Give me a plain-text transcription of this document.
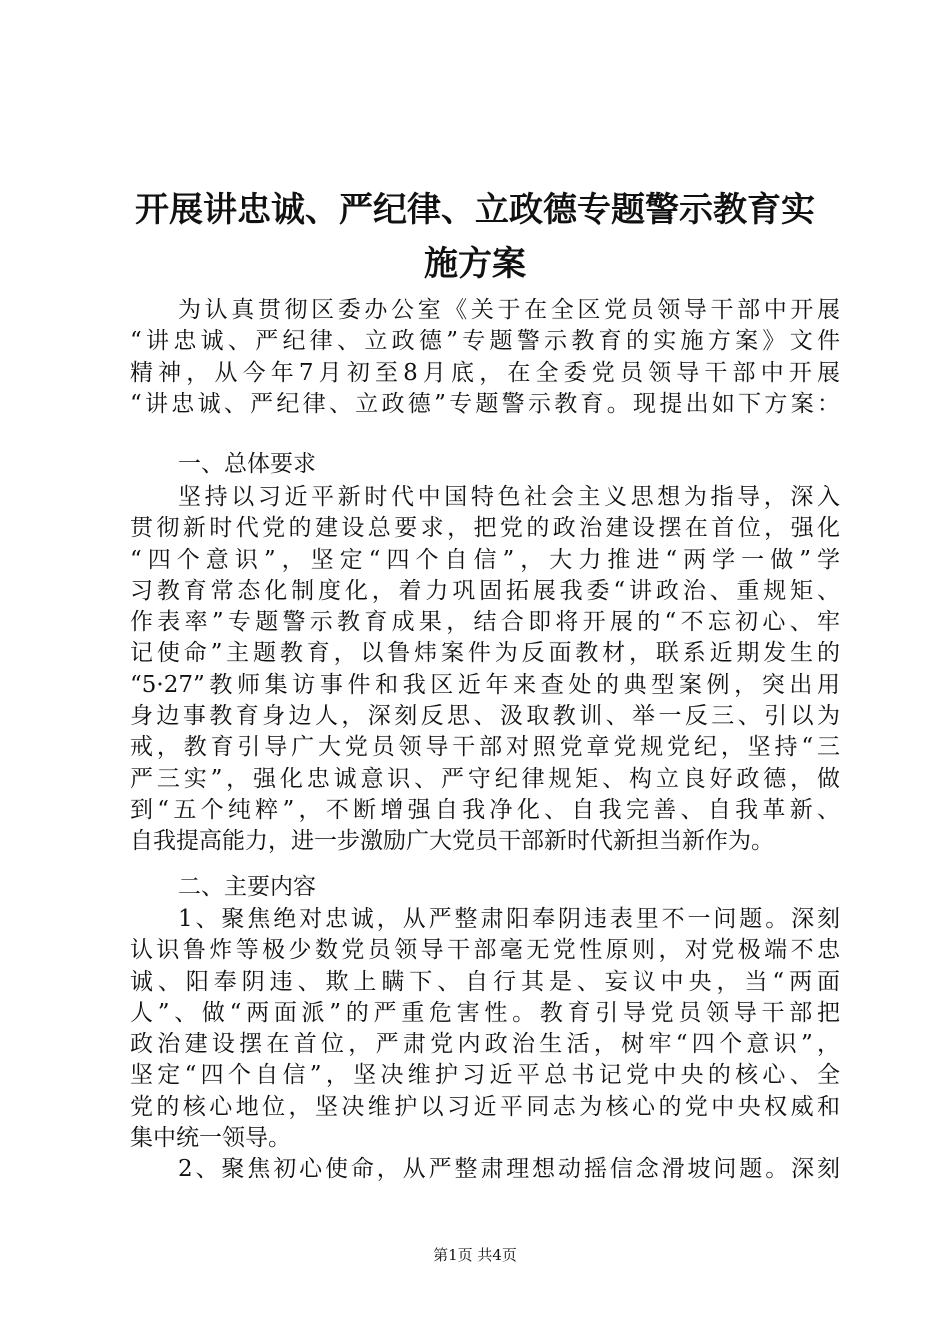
开展讲忠诚、严纪律、立政德专题警示教育实
施方案
为认真贯彻区委办公室《关于在全区党员领导干部中开展
“讲忠诚、严纪律、立政德”专题警示教育的实施方案》文件
精神，从今年7月初至8月底，在全委党员领导干部中开展
“讲忠诚、严纪律、立政德”专题警示教育。现提出如下方案：

一、总体要求

坚持以习近平新时代中国特色社会主义思想为指导，深入
贯彻新时代党的建设总要求，把党的政治建设摆在首位，强化
“四个意识”，坚定“四个自信”，大力推进“两学一做”学
习教育常态化制度化，着力巩固拓展我委“讲政治、重规矩、
作表率”专题警示教育成果，结合即将开展的“不忘初心、牢
记使命”主题教育，以鲁炜案件为反面教材，联系近期发生的
“5·27”教师集访事件和我区近年来查处的典型案例，突出用
身边事教育身边人，深刻反思、汲取教训、举一反三、引以为
戒，教育引导广大党员领导干部对照党章党规党纪，坚持“三
严三实”，强化忠诚意识、严守纪律规矩、构立良好政德，做
到“五个纯粹”，不断增强自我净化、自我完善、自我革新、
自我提高能力，进一步激励广大党员干部新时代新担当新作为。

二、主要内容

1、聚焦绝对忠诚，从严整肃阳奉阴违表里不一问题。深刻
认识鲁炸等极少数党员领导干部毫无党性原则，对党极端不忠
诚、阳奉阴违、欺上瞒下、自行其是、妄议中央，当“两面
人”、做“两面派”的严重危害性。教育引导党员领导干部把
政治建设摆在首位，严肃党内政治生活，树牢“四个意识”，
坚定“四个自信”，坚决维护习近平总书记党中央的核心、全
党的核心地位，坚决维护以习近平同志为核心的党中央权威和
集中统一领导。
2、聚焦初心使命，从严整肃理想动摇信念滑坡问题。深刻
第1页 共4页
